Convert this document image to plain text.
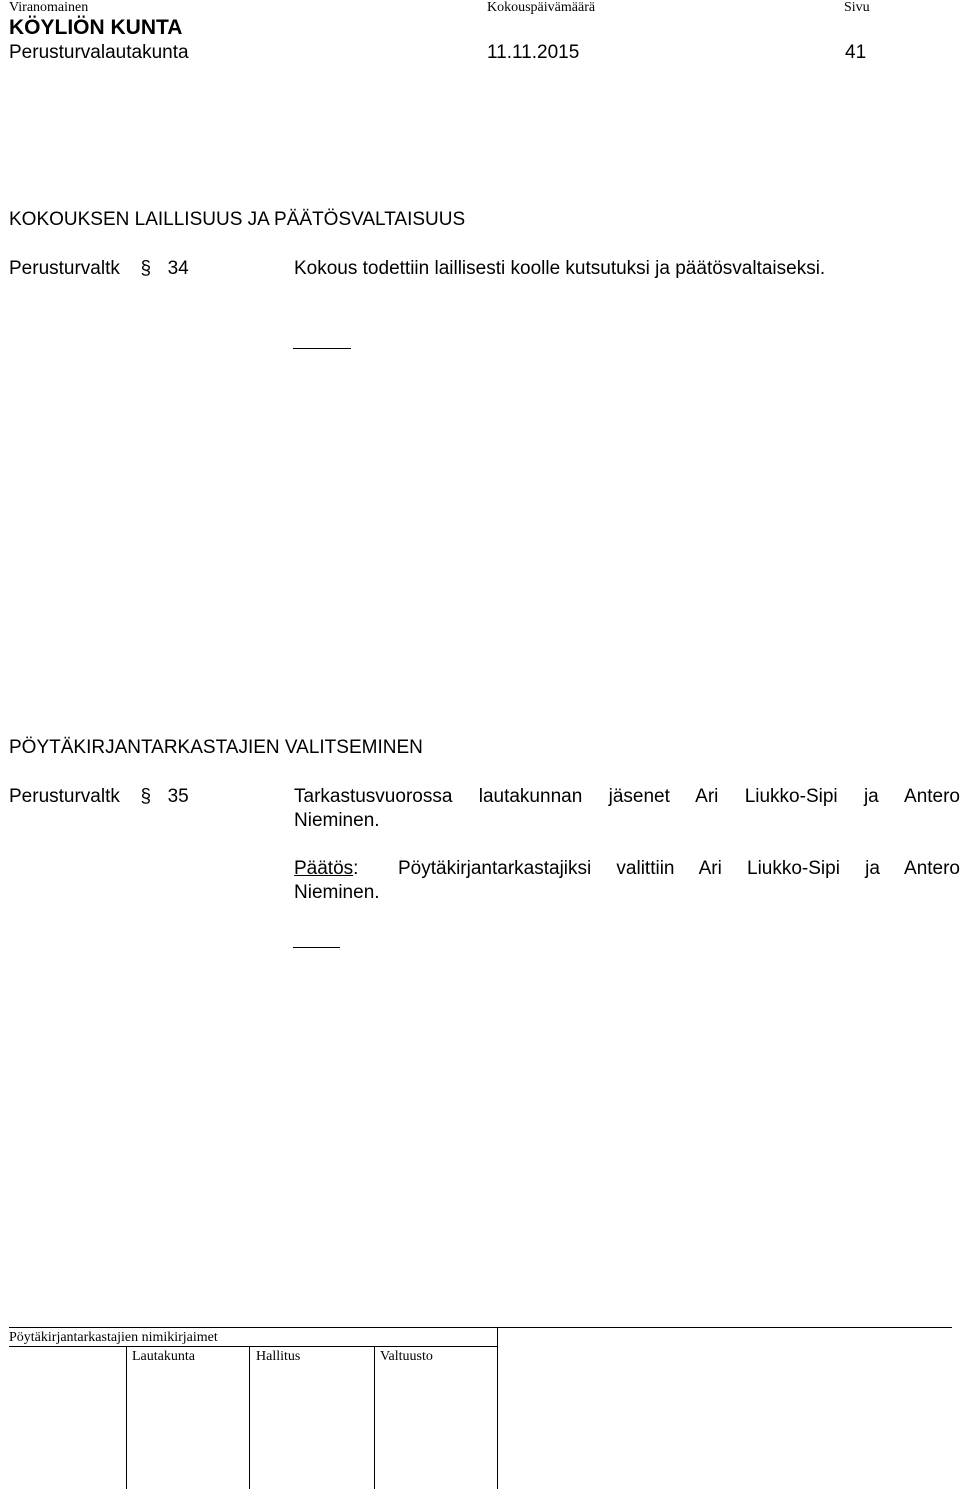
Viranomainen	Kokouspäivämäärä	Sivu
KÖYLIÖN KUNTA
Perusturvalautakunta	11.11.2015	41
KOKOUKSEN LAILLISUUS JA PÄÄTÖSVALTAISUUS
Perusturvaltk § 34	Kokous todettiin laillisesti koolle kutsutuksi ja päätösvaltaiseksi.
PÖYTÄKIRJANTARKASTAJIEN VALITSEMINEN
Perusturvaltk § 35	Tarkastusvuorossa lautakunnan jäsenet Ari Liukko-Sipi ja Antero
Nieminen.
Päätös: Pöytäkirjantarkastajiksi valittiin Ari Liukko-Sipi ja Antero
Nieminen.
Pöytäkirjantarkastajien nimikirjaimet
Lautakunta	Hallitus	Valtuusto
